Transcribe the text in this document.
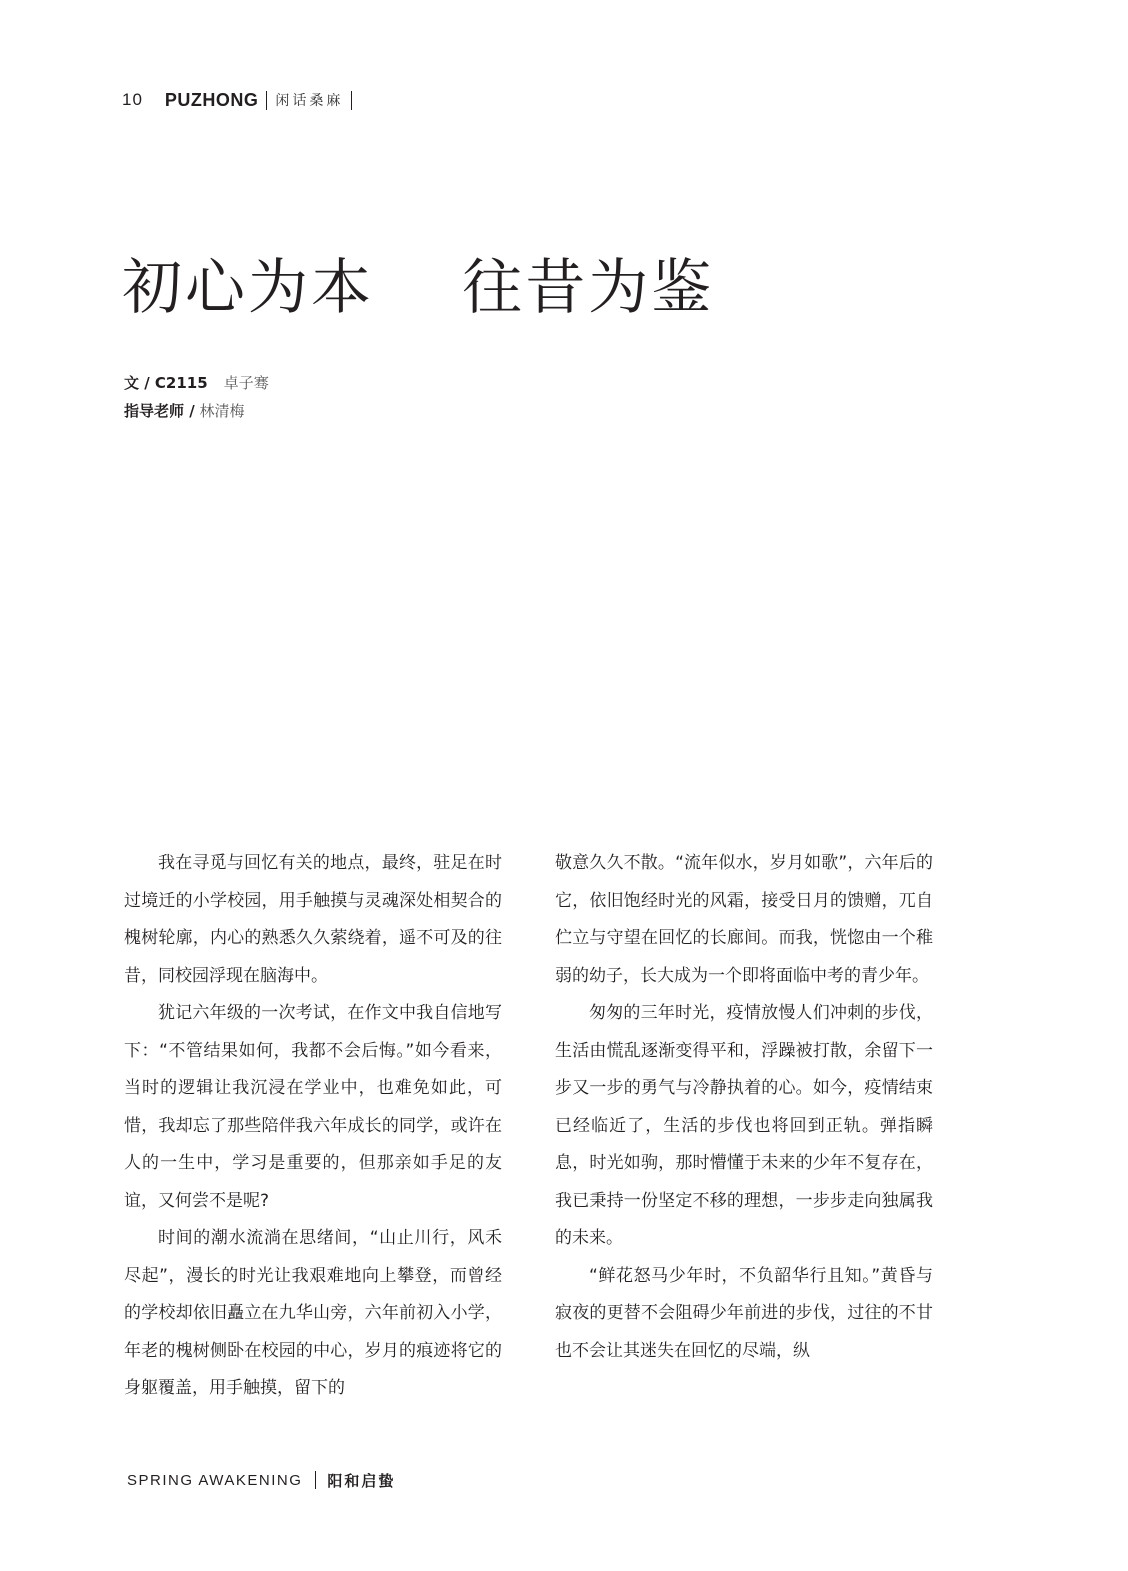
10 PUZHONG 闲话桑麻
初心为本    往昔为鉴
文 / C2115 卓子骞
指导老师 / 林清梅

我在寻觅与回忆有关的地点，最终，驻足在时过境迁的小学校园，用手触摸与灵魂深处相契合的槐树轮廓，内心的熟悉久久萦绕着，遥不可及的往昔，同校园浮现在脑海中。

犹记六年级的一次考试，在作文中我自信地写下：“不管结果如何，我都不会后悔。”如今看来，当时的逻辑让我沉浸在学业中，也难免如此，可惜，我却忘了那些陪伴我六年成长的同学，或许在人的一生中，学习是重要的，但那亲如手足的友谊，又何尝不是呢?

时间的潮水流淌在思绪间，“山止川行，风禾尽起”，漫长的时光让我艰难地向上攀登，而曾经的学校却依旧矗立在九华山旁，六年前初入小学，年老的槐树侧卧在校园的中心，岁月的痕迹将它的身躯覆盖，用手触摸，留下的

敬意久久不散。“流年似水，岁月如歌”，六年后的它，依旧饱经时光的风霜，接受日月的馈赠，兀自伫立与守望在回忆的长廊间。而我，恍惚由一个稚弱的幼子，长大成为一个即将面临中考的青少年。

匆匆的三年时光，疫情放慢人们冲刺的步伐，生活由慌乱逐渐变得平和，浮躁被打散，余留下一步又一步的勇气与冷静执着的心。如今，疫情结束已经临近了，生活的步伐也将回到正轨。弹指瞬息，时光如驹，那时懵懂于未来的少年不复存在，我已秉持一份坚定不移的理想，一步步走向独属我的未来。

“鲜花怒马少年时，不负韶华行且知。”黄昏与寂夜的更替不会阻碍少年前进的步伐，过往的不甘也不会让其迷失在回忆的尽端，纵

SPRING AWAKENING 阳和启蛰
